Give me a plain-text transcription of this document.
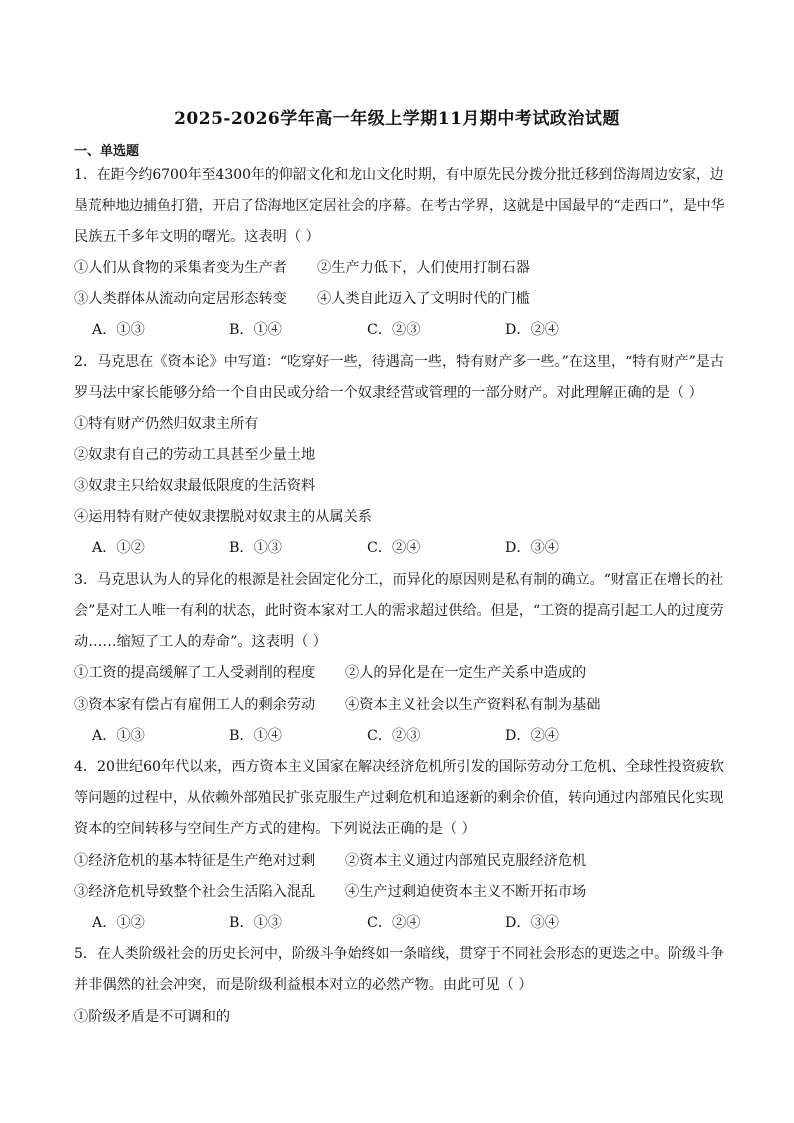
2025-2026学年高一年级上学期11月期中考试政治试题
一、单选题
1．在距今约6700年至4300年的仰韶文化和龙山文化时期，有中原先民分拨分批迁移到岱海周边安家，边
垦荒种地边捕鱼打猎，开启了岱海地区定居社会的序幕。在考古学界，这就是中国最早的“走西口”，是中华
民族五千多年文明的曙光。这表明（ ）
①人们从食物的采集者变为生产者 ②生产力低下，人们使用打制石器
③人类群体从流动向定居形态转变 ④人类自此迈入了文明时代的门槛
A．①③	B．①④	C．②③	D．②④
2．马克思在《资本论》中写道：“吃穿好一些，待遇高一些，特有财产多一些。”在这里，“特有财产”是古
罗马法中家长能够分给一个自由民或分给一个奴隶经营或管理的一部分财产。对此理解正确的是（ ）
①特有财产仍然归奴隶主所有
②奴隶有自己的劳动工具甚至少量土地
③奴隶主只给奴隶最低限度的生活资料
④运用特有财产使奴隶摆脱对奴隶主的从属关系
A．①②	B．①③	C．②④	D．③④
3．马克思认为人的异化的根源是社会固定化分工，而异化的原因则是私有制的确立。“财富正在增长的社
会”是对工人唯一有利的状态，此时资本家对工人的需求超过供给。但是，“工资的提高引起工人的过度劳
动……缩短了工人的寿命”。这表明（ ）
①工资的提高缓解了工人受剥削的程度 ②人的异化是在一定生产关系中造成的
③资本家有偿占有雇佣工人的剩余劳动 ④资本主义社会以生产资料私有制为基础
A．①③	B．①④	C．②③	D．②④
4．20世纪60年代以来，西方资本主义国家在解决经济危机所引发的国际劳动分工危机、全球性投资疲软
等问题的过程中，从依赖外部殖民扩张克服生产过剩危机和追逐新的剩余价值，转向通过内部殖民化实现
资本的空间转移与空间生产方式的建构。下列说法正确的是（ ）
①经济危机的基本特征是生产绝对过剩 ②资本主义通过内部殖民克服经济危机
③经济危机导致整个社会生活陷入混乱 ④生产过剩迫使资本主义不断开拓市场
A．①②	B．①③	C．②④	D．③④
5．在人类阶级社会的历史长河中，阶级斗争始终如一条暗线，贯穿于不同社会形态的更迭之中。阶级斗争
并非偶然的社会冲突，而是阶级利益根本对立的必然产物。由此可见（ ）
①阶级矛盾是不可调和的
